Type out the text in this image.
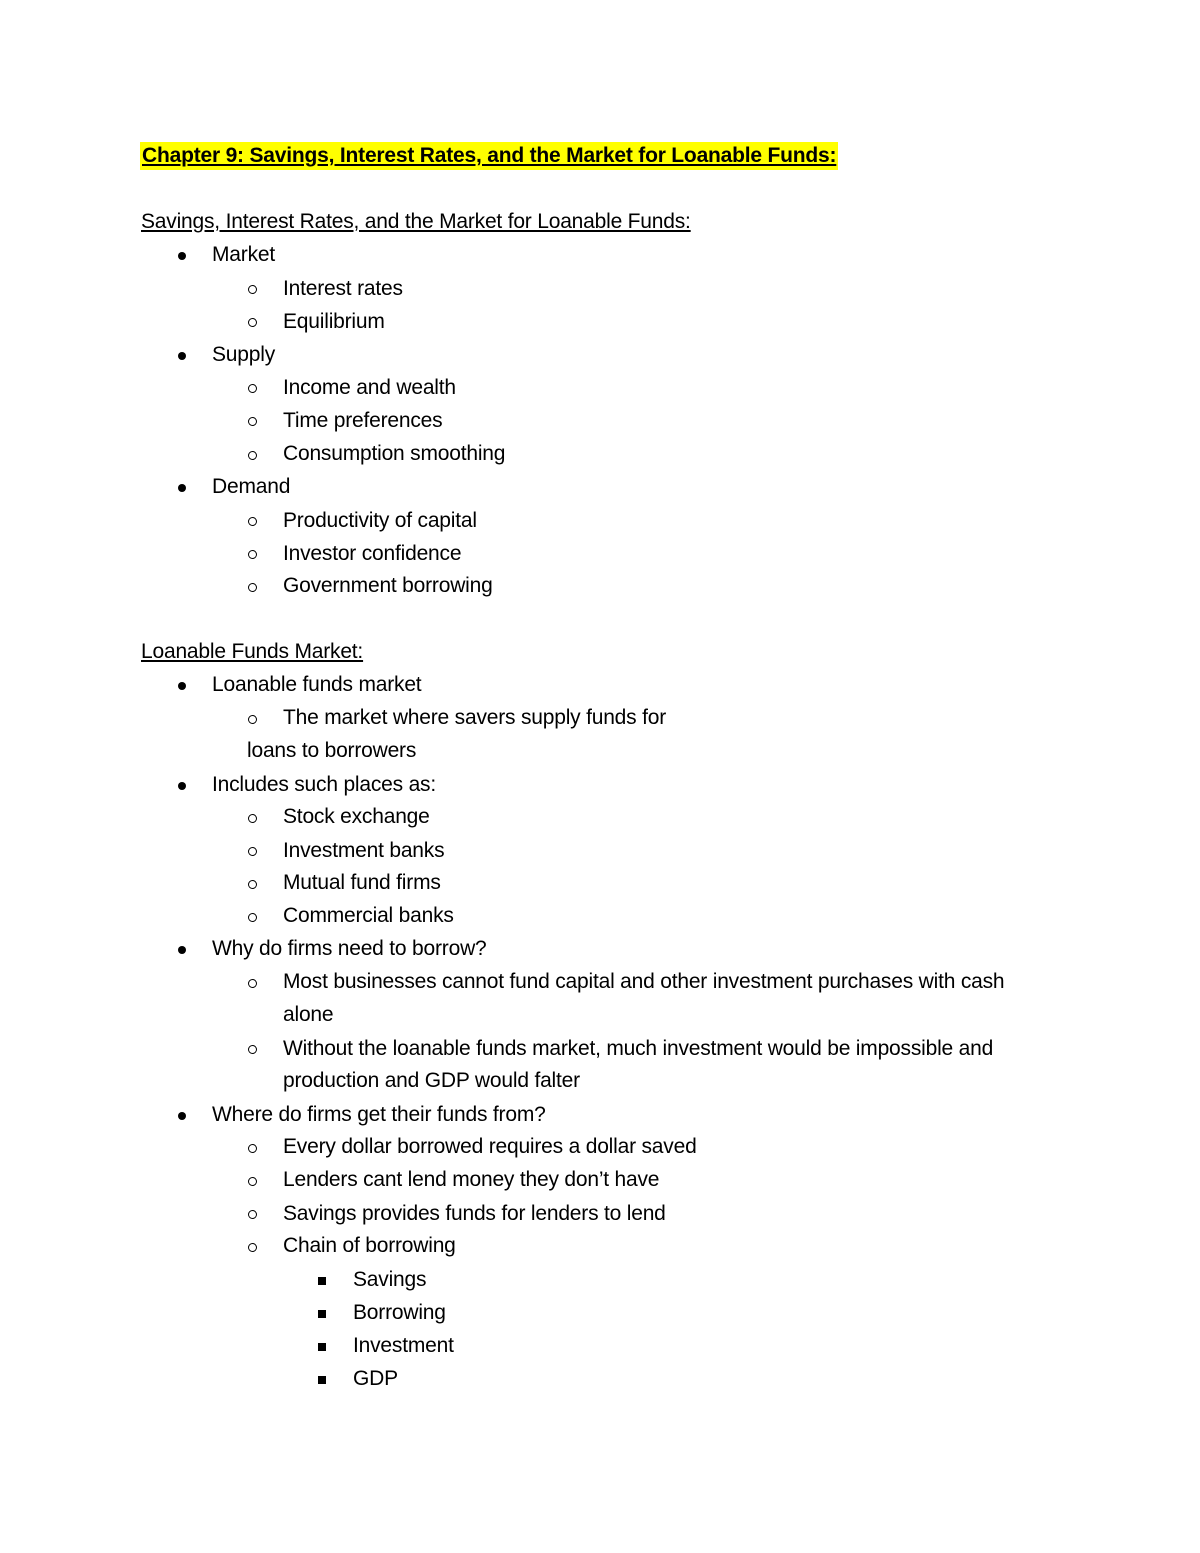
Chapter 9: Savings, Interest Rates, and the Market for Loanable Funds:
Savings, Interest Rates, and the Market for Loanable Funds:
Market
Interest rates
Equilibrium
Supply
Income and wealth
Time preferences
Consumption smoothing
Demand
Productivity of capital
Investor confidence
Government borrowing
Loanable Funds Market:
Loanable funds market
The market where savers supply funds for
loans to borrowers
Includes such places as:
Stock exchange
Investment banks
Mutual fund firms
Commercial banks
Why do firms need to borrow?
Most businesses cannot fund capital and other investment purchases with cash
alone
Without the loanable funds market, much investment would be impossible and
production and GDP would falter
Where do firms get their funds from?
Every dollar borrowed requires a dollar saved
Lenders cant lend money they don’t have
Savings provides funds for lenders to lend
Chain of borrowing
Savings
Borrowing
Investment
GDP
